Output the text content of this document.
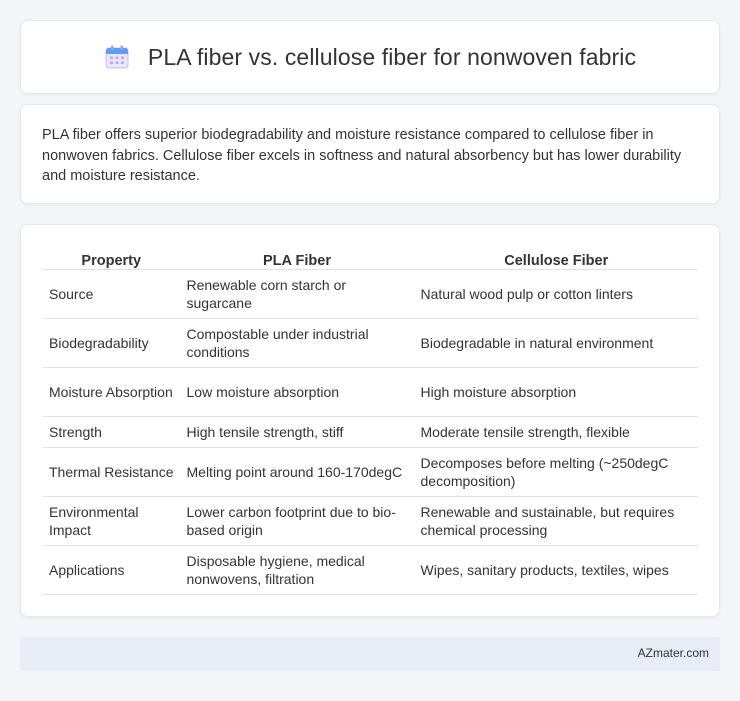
PLA fiber vs. cellulose fiber for nonwoven fabric

PLA fiber offers superior biodegradability and moisture resistance compared to cellulose fiber in nonwoven fabrics. Cellulose fiber excels in softness and natural absorbency but has lower durability and moisture resistance.

Property	PLA Fiber	Cellulose Fiber
Source	Renewable corn starch or sugarcane	Natural wood pulp or cotton linters
Biodegradability	Compostable under industrial conditions	Biodegradable in natural environment
Moisture Absorption	Low moisture absorption	High moisture absorption
Strength	High tensile strength, stiff	Moderate tensile strength, flexible
Thermal Resistance	Melting point around 160-170degC	Decomposes before melting (~250degC decomposition)
Environmental Impact	Lower carbon footprint due to bio-based origin	Renewable and sustainable, but requires chemical processing
Applications	Disposable hygiene, medical nonwovens, filtration	Wipes, sanitary products, textiles, wipes
AZmater.com
